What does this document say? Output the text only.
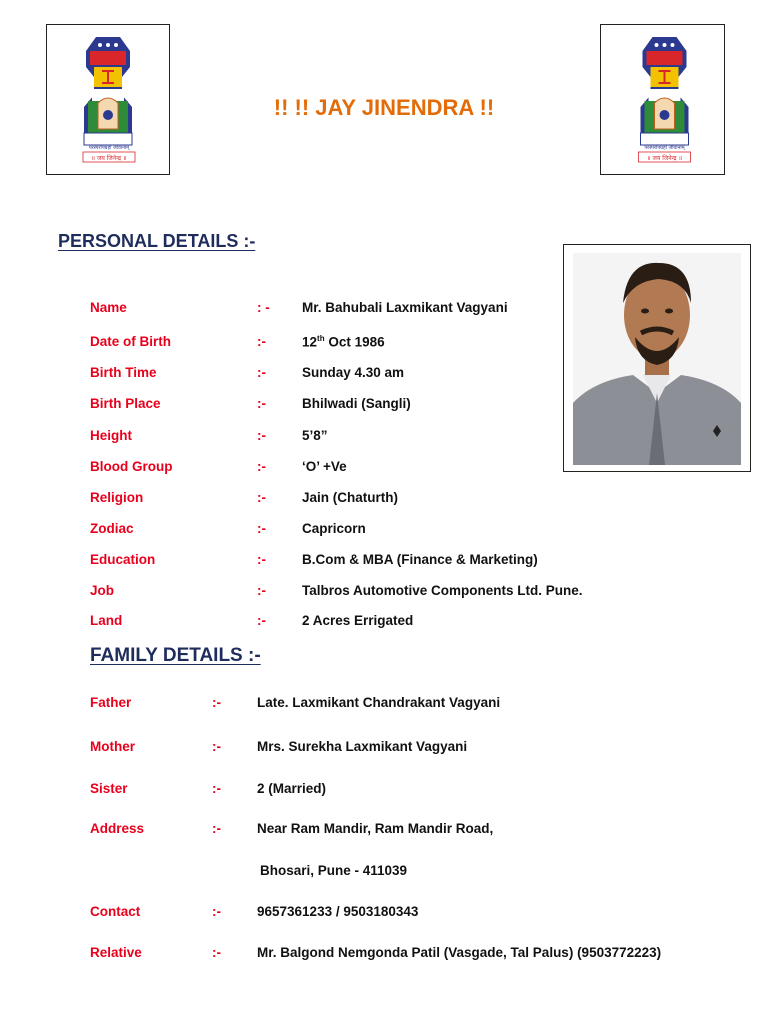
परस्परोपग्रहो जीवानाम्
॥ जय जिनेन्द्र ॥
परस्परोपग्रहो जीवानाम्
॥ जय जिनेन्द्र ॥
!! !! JAY JINENDRA !!
PERSONAL DETAILS :-
Name	: - Mr. Bahubali Laxmikant Vagyani
Date of Birth	:-	12th Oct 1986
Birth Time	:-	Sunday 4.30 am
Birth Place	:-	Bhilwadi (Sangli)
Height	:-	5’8”
Blood Group	:-	‘O’ +Ve
Religion	:-	Jain (Chaturth)
Zodiac	:-	Capricorn
Education	:-	B.Com & MBA (Finance & Marketing)
Job	:-	Talbros Automotive Components Ltd. Pune.
Land	:-	2 Acres Errigated
FAMILY DETAILS :-
Father	:-	Late. Laxmikant Chandrakant Vagyani
Mother	:-	Mrs. Surekha Laxmikant Vagyani
Sister	:-	2 (Married)
Address	:-	Near Ram Mandir, Ram Mandir Road,
Bhosari, Pune - 411039
Contact	:-	9657361233 / 9503180343
Relative	:-	Mr. Balgond Nemgonda Patil (Vasgade, Tal Palus) (9503772223)
